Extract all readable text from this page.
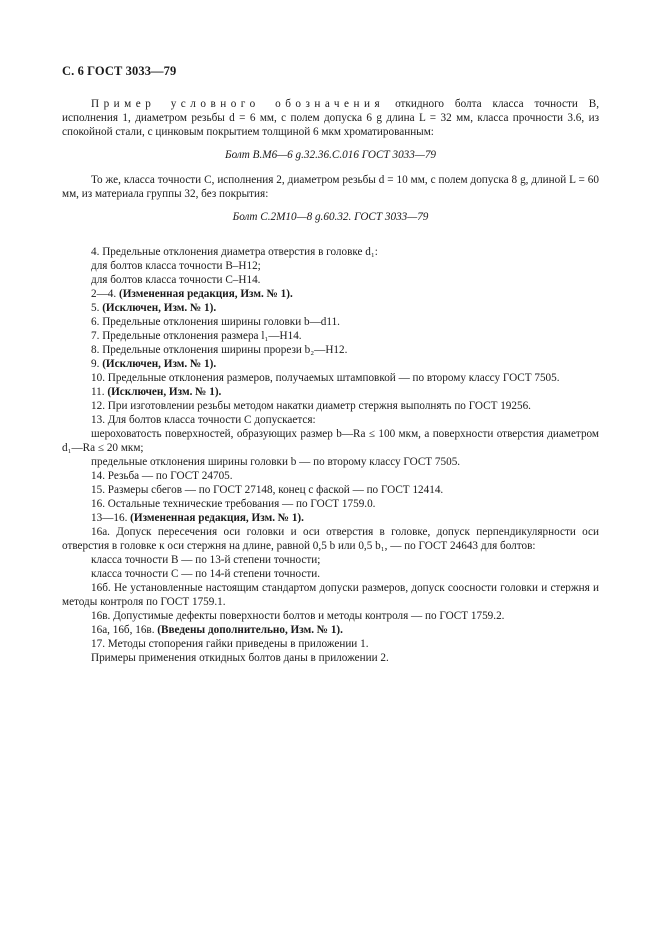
С. 6 ГОСТ 3033—79

Пример условного обозначения откидного болта класса точности В, исполнения 1, диаметром резьбы d = 6 мм, с полем допуска 6 g длина L = 32 мм, класса прочности 3.6, из спокойной стали, с цинковым покрытием толщиной 6 мкм хроматированным:

Болт В.М6—6 g.32.36.С.016 ГОСТ 3033—79

То же, класса точности С, исполнения 2, диаметром резьбы d = 10 мм, с полем допуска 8 g, длиной L = 60 мм, из материала группы 32, без покрытия:

Болт С.2М10—8 g.60.32. ГОСТ 3033—79

4. Предельные отклонения диаметра отверстия в головке d₁:

для болтов класса точности В–Н12;

для болтов класса точности С–Н14.

2—4. (Измененная редакция, Изм. № 1).

5. (Исключен, Изм. № 1).

6. Предельные отклонения ширины головки b—d11.

7. Предельные отклонения размера l₁—Н14.

8. Предельные отклонения ширины прорези b₂—Н12.

9. (Исключен, Изм. № 1).

10. Предельные отклонения размеров, получаемых штамповкой — по второму классу ГОСТ 7505.

11. (Исключен, Изм. № 1).

12. При изготовлении резьбы методом накатки диаметр стержня выполнять по ГОСТ 19256.

13. Для болтов класса точности С допускается:

шероховатость поверхностей, образующих размер b—Ra ≤ 100 мкм, а поверхности отверстия диаметром d₁—Ra ≤ 20 мкм;

предельные отклонения ширины головки b — по второму классу ГОСТ 7505.

14. Резьба — по ГОСТ 24705.

15. Размеры сбегов — по ГОСТ 27148, конец с фаской — по ГОСТ 12414.

16. Остальные технические требования — по ГОСТ 1759.0.

13—16. (Измененная редакция, Изм. № 1).

16а. Допуск пересечения оси головки и оси отверстия в головке, допуск перпендикулярности оси отверстия в головке к оси стержня на длине, равной 0,5 b или 0,5 b₁, — по ГОСТ 24643 для болтов:

класса точности В — по 13-й степени точности;

класса точности С — по 14-й степени точности.

16б. Не установленные настоящим стандартом допуски размеров, допуск соосности головки и стержня и методы контроля по ГОСТ 1759.1.

16в. Допустимые дефекты поверхности болтов и методы контроля — по ГОСТ 1759.2.

16а, 16б, 16в. (Введены дополнительно, Изм. № 1).

17. Методы стопорения гайки приведены в приложении 1.

Примеры применения откидных болтов даны в приложении 2.
